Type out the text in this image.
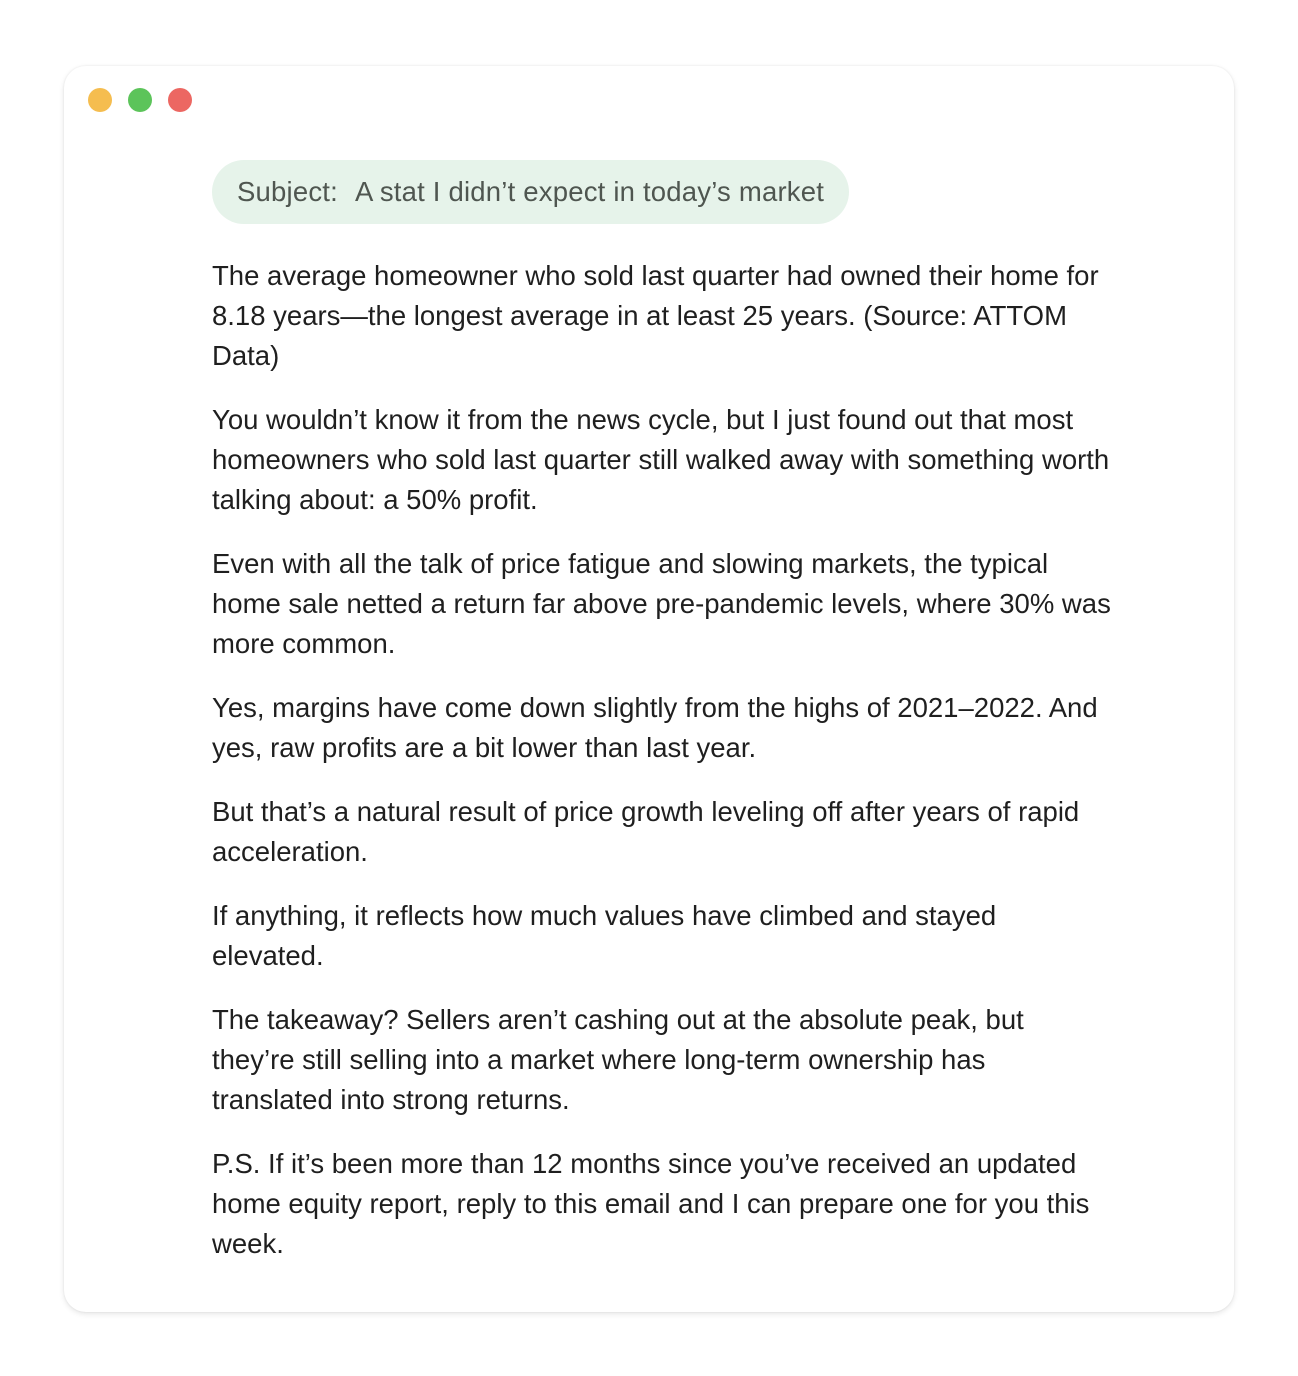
Subject: A stat I didn’t expect in today’s market

The average homeowner who sold last quarter had owned their home for 8.18 years—the longest average in at least 25 years. (Source: ATTOM Data)

You wouldn’t know it from the news cycle, but I just found out that most homeowners who sold last quarter still walked away with something worth talking about: a 50% profit.

Even with all the talk of price fatigue and slowing markets, the typical home sale netted a return far above pre-pandemic levels, where 30% was more common.

Yes, margins have come down slightly from the highs of 2021–2022. And yes, raw profits are a bit lower than last year.

But that’s a natural result of price growth leveling off after years of rapid acceleration.

If anything, it reflects how much values have climbed and stayed elevated.

The takeaway? Sellers aren’t cashing out at the absolute peak, but they’re still selling into a market where long-term ownership has translated into strong returns.

P.S. If it’s been more than 12 months since you’ve received an updated home equity report, reply to this email and I can prepare one for you this week.
